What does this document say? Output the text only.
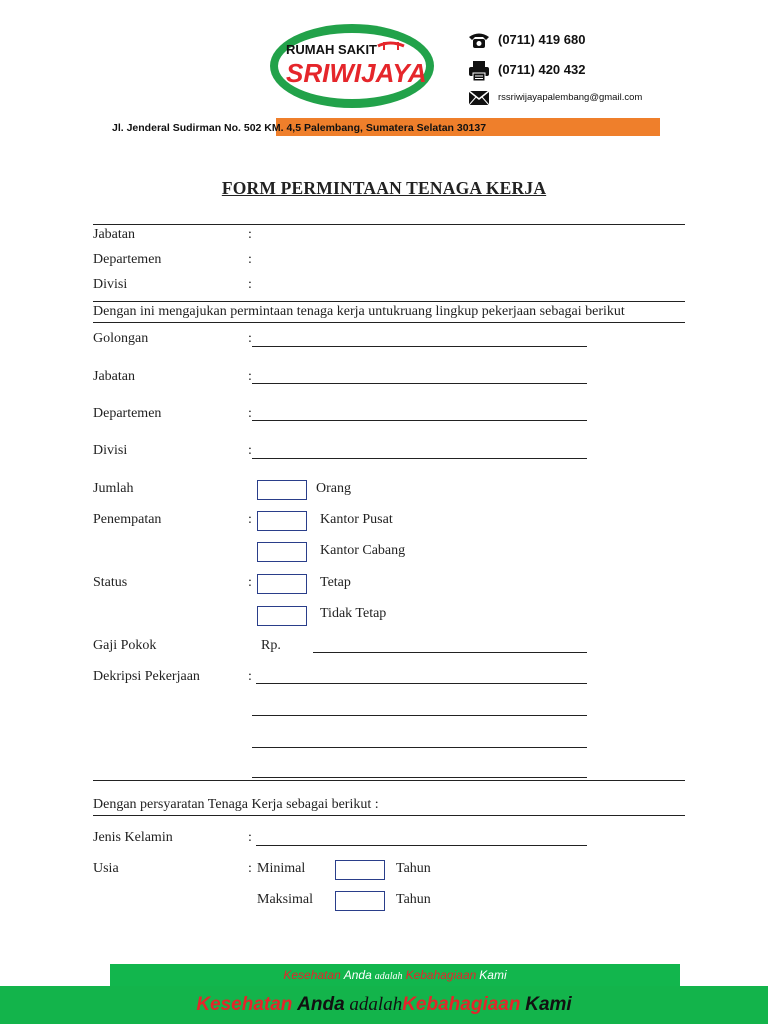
RUMAH SAKIT
SRIWIJAYA
(0711) 419 680
(0711) 420 432
rssriwijayapalembang@gmail.com
Jl. Jenderal Sudirman No. 502 KM. 4,5 Palembang, Sumatera Selatan 30137
FORM PERMINTAAN TENAGA KERJA
Jabatan	:
Departemen	:
Divisi	:
Dengan ini mengajukan permintaan tenaga kerja untukruang lingkup pekerjaan sebagai berikut
Golongan	:
Jabatan	:
Departemen	:
Divisi	:
Jumlah	Orang
Penempatan	:	Kantor Pusat
Kantor Cabang
Status	:	Tetap
Tidak Tetap
Gaji Pokok	Rp.
Dekripsi Pekerjaan	:
Dengan persyaratan Tenaga Kerja sebagai berikut :
Jenis Kelamin	:
Usia	: Minimal	Tahun
Maksimal	Tahun
Kesehatan Anda adalah Kebahagiaan Kami
Kesehatan Anda adalahKebahagiaan Kami
